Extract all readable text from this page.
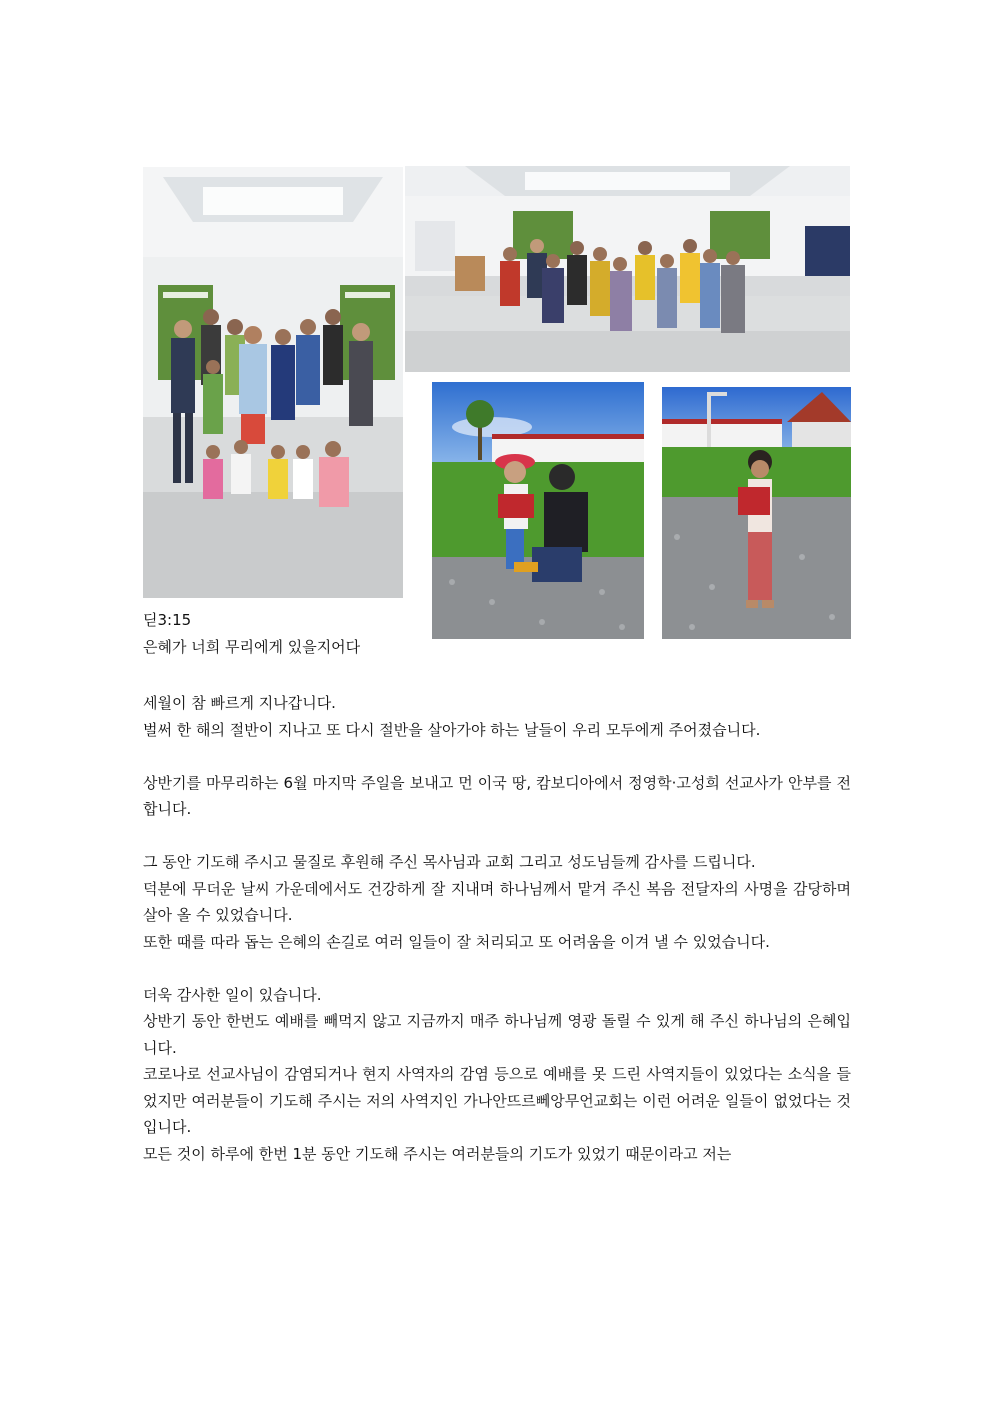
딛3:15
은혜가 너희 무리에게 있을지어다

세월이 참 빠르게 지나갑니다.

벌써 한 해의 절반이 지나고 또 다시 절반을 살아가야 하는 날들이 우리 모두에게 주어졌습니다.

상반기를 마무리하는 6월 마지막 주일을 보내고 먼 이국 땅, 캄보디아에서 정영학·고성희 선교사가 안부를 전합니다.

그 동안 기도해 주시고 물질로 후원해 주신 목사님과 교회 그리고 성도님들께 감사를 드립니다.

덕분에 무더운 날씨 가운데에서도 건강하게 잘 지내며 하나님께서 맡겨 주신 복음 전달자의 사명을 감당하며 살아 올 수 있었습니다.

또한 때를 따라 돕는 은혜의 손길로 여러 일들이 잘 처리되고 또 어려움을 이겨 낼 수 있었습니다.

더욱 감사한 일이 있습니다.

상반기 동안 한번도 예배를 빼먹지 않고 지금까지 매주 하나님께 영광 돌릴 수 있게 해 주신 하나님의 은혜입니다.

코로나로 선교사님이 감염되거나 현지 사역자의 감염 등으로 예배를 못 드린 사역지들이 있었다는 소식을 들었지만 여러분들이 기도해 주시는 저의 사역지인 가나안뜨르뻬앙무언교회는 이런 어려운 일들이 없었다는 것입니다.

모든 것이 하루에 한번 1분 동안 기도해 주시는 여러분들의 기도가 있었기 때문이라고 저는
